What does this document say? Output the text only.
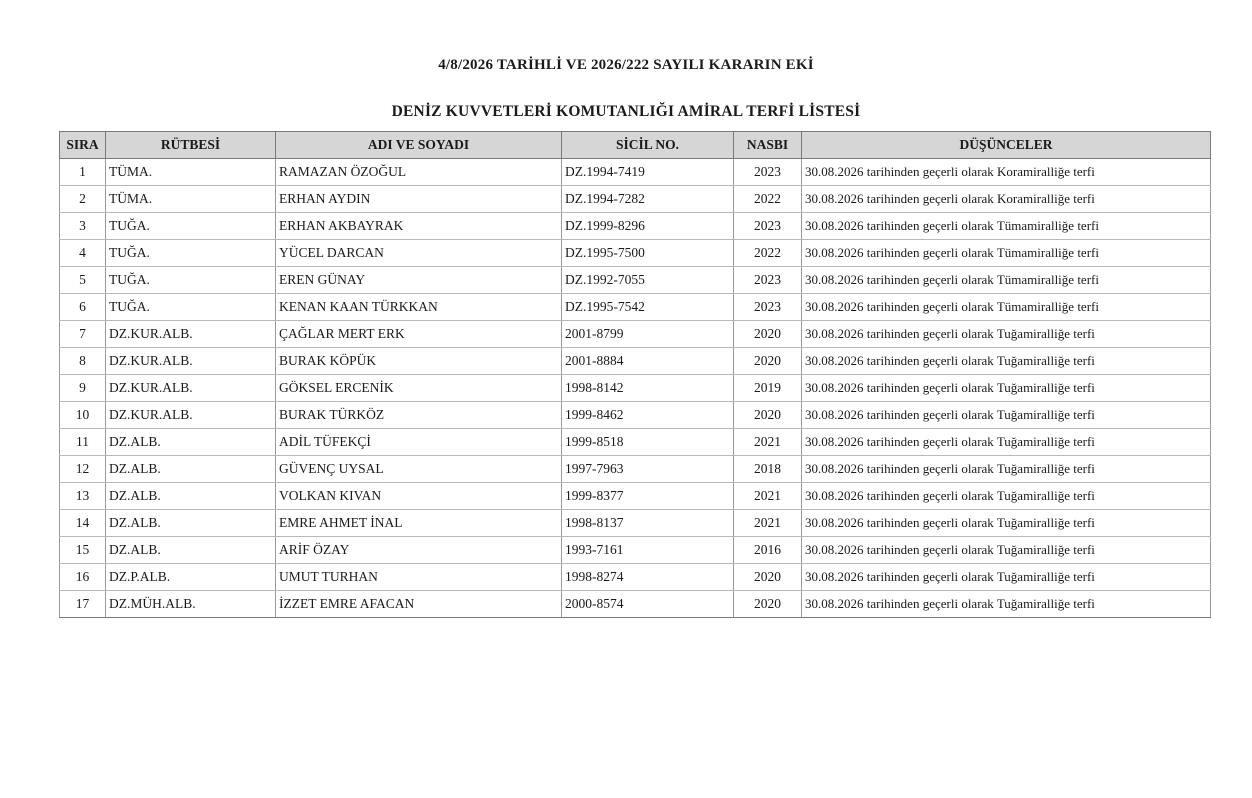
4/8/2026 TARİHLİ VE 2026/222 SAYILI KARARIN EKİ
DENİZ KUVVETLERİ KOMUTANLIĞI AMİRAL TERFİ LİSTESİ
SIRA	RÜTBESİ	ADI VE SOYADI	SİCİL NO.	NASBI	DÜŞÜNCELER
1	TÜMA.	RAMAZAN ÖZOĞUL	DZ.1994-7419	2023	30.08.2026 tarihinden geçerli olarak Koramiralliğe terfi
2	TÜMA.	ERHAN AYDIN	DZ.1994-7282	2022	30.08.2026 tarihinden geçerli olarak Koramiralliğe terfi
3	TUĞA.	ERHAN AKBAYRAK	DZ.1999-8296	2023	30.08.2026 tarihinden geçerli olarak Tümamiralliğe terfi
4	TUĞA.	YÜCEL DARCAN	DZ.1995-7500	2022	30.08.2026 tarihinden geçerli olarak Tümamiralliğe terfi
5	TUĞA.	EREN GÜNAY	DZ.1992-7055	2023	30.08.2026 tarihinden geçerli olarak Tümamiralliğe terfi
6	TUĞA.	KENAN KAAN TÜRKKAN	DZ.1995-7542	2023	30.08.2026 tarihinden geçerli olarak Tümamiralliğe terfi
7	DZ.KUR.ALB.	ÇAĞLAR MERT ERK	2001-8799	2020	30.08.2026 tarihinden geçerli olarak Tuğamiralliğe terfi
8	DZ.KUR.ALB.	BURAK KÖPÜK	2001-8884	2020	30.08.2026 tarihinden geçerli olarak Tuğamiralliğe terfi
9	DZ.KUR.ALB.	GÖKSEL ERCENİK	1998-8142	2019	30.08.2026 tarihinden geçerli olarak Tuğamiralliğe terfi
10	DZ.KUR.ALB.	BURAK TÜRKÖZ	1999-8462	2020	30.08.2026 tarihinden geçerli olarak Tuğamiralliğe terfi
11	DZ.ALB.	ADİL TÜFEKÇİ	1999-8518	2021	30.08.2026 tarihinden geçerli olarak Tuğamiralliğe terfi
12	DZ.ALB.	GÜVENÇ UYSAL	1997-7963	2018	30.08.2026 tarihinden geçerli olarak Tuğamiralliğe terfi
13	DZ.ALB.	VOLKAN KIVAN	1999-8377	2021	30.08.2026 tarihinden geçerli olarak Tuğamiralliğe terfi
14	DZ.ALB.	EMRE AHMET İNAL	1998-8137	2021	30.08.2026 tarihinden geçerli olarak Tuğamiralliğe terfi
15	DZ.ALB.	ARİF ÖZAY	1993-7161	2016	30.08.2026 tarihinden geçerli olarak Tuğamiralliğe terfi
16	DZ.P.ALB.	UMUT TURHAN	1998-8274	2020	30.08.2026 tarihinden geçerli olarak Tuğamiralliğe terfi
17	DZ.MÜH.ALB.	İZZET EMRE AFACAN	2000-8574	2020	30.08.2026 tarihinden geçerli olarak Tuğamiralliğe terfi
